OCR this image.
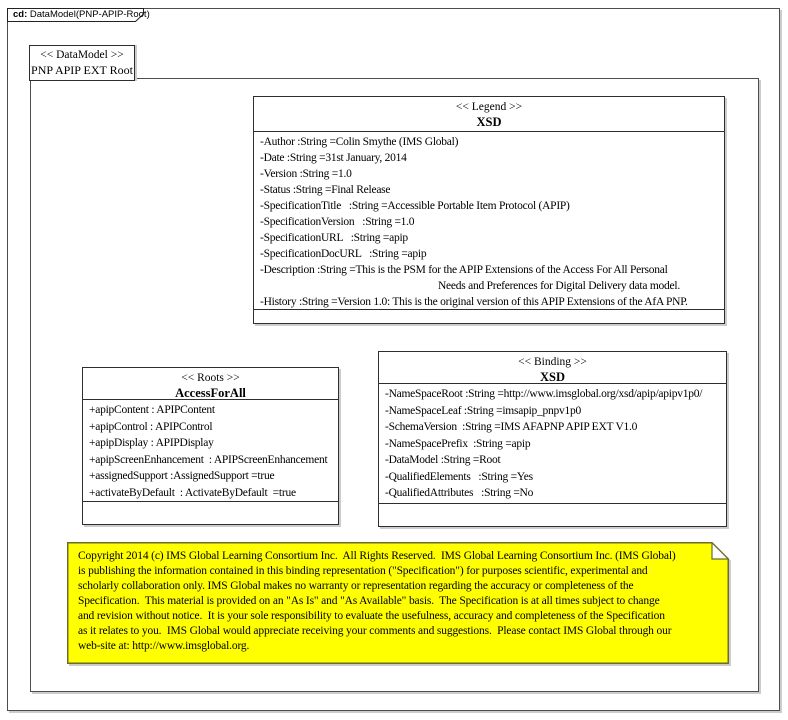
cd: DataModel(PNP-APIP-Root)
<< DataModel >>
PNP APIP EXT Root
<< Legend >>
XSD
-Author :String =Colin Smythe (IMS Global)
-Date :String =31st January, 2014
-Version :String =1.0
-Status :String =Final Release
-SpecificationTitle   :String =Accessible Portable Item Protocol (APIP)
-SpecificationVersion   :String =1.0
-SpecificationURL   :String =apip
-SpecificationDocURL   :String =apip
-Description :String =This is the PSM for the APIP Extensions of the Access For All Personal
Needs and Preferences for Digital Delivery data model.
-History :String =Version 1.0: This is the original version of this APIP Extensions of the AfA PNP.
<< Roots >>
AccessForAll
+apipContent : APIPContent
+apipControl : APIPControl
+apipDisplay : APIPDisplay
+apipScreenEnhancement  : APIPScreenEnhancement
+assignedSupport :AssignedSupport =true
+activateByDefault  : ActivateByDefault  =true
<< Binding >>
XSD
-NameSpaceRoot :String =http://www.imsglobal.org/xsd/apip/apipv1p0/
-NameSpaceLeaf :String =imsapip_pnpv1p0
-SchemaVersion  :String =IMS AFAPNP APIP EXT V1.0
-NameSpacePrefix  :String =apip
-DataModel :String =Root
-QualifiedElements   :String =Yes
-QualifiedAttributes   :String =No
Copyright 2014 (c) IMS Global Learning Consortium Inc.  All Rights Reserved.  IMS Global Learning Consortium Inc. (IMS Global)
is publishing the information contained in this binding representation ("Specification") for purposes scientific, experimental and
scholarly collaboration only. IMS Global makes no warranty or representation regarding the accuracy or completeness of the
Specification.  This material is provided on an "As Is" and "As Available" basis.  The Specification is at all times subject to change
and revision without notice.  It is your sole responsibility to evaluate the usefulness, accuracy and completeness of the Specification
as it relates to you.  IMS Global would appreciate receiving your comments and suggestions.  Please contact IMS Global through our
web-site at: http://www.imsglobal.org.
